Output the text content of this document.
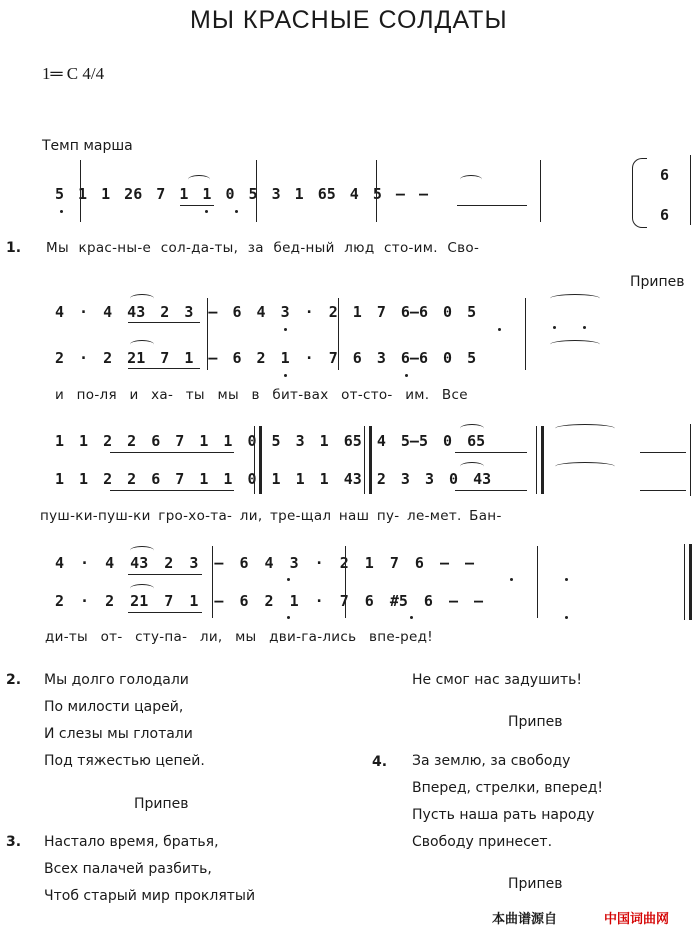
МЫ КРАСНЫЕ СОЛДАТЫ
1═ C 4/4
Темп марша
5 1 1 26 7 1 1 0 5 3 1 65 4 5 — —
6
6
1. Мы крас-ны-е сол-да-ты, за бед-ный люд сто-им. Сво-
Припев
4 · 4 43 2 3 — 6 4 3 · 2 1 7 6—6 0 5
2 · 2 21 7 1 — 6 2 1 · 7 6 3 6—6 0 5
и по-ля и ха- ты мы в бит-вах от-сто- им. Все
1 1 2 2 6 7 1 1 0 5 3 1 65 4 5—5 0 65
1 1 2 2 6 7 1 1 0 1 1 1 43 2 3 3 0 43
пуш-ки-пуш-ки гро-хо-та- ли, тре-щал наш пу- ле-мет. Бан-
4 · 4 43 2 3 — 6 4 3 · 2 1 7 6 — —
2 · 2 21 7 1 — 6 2 1 · 7 6 #5 6 — —
ди-ты от- сту-па- ли, мы дви-га-лись впе-ред!
2. Мы долго голодали
По милости царей,
И слезы мы глотали
Под тяжестью цепей.
Припев
3. Настало время, братья,
Всех палачей разбить,
Чтоб старый мир проклятый
Не смог нас задушить!
Припев
4. За землю, за свободу
Вперед, стрелки, вперед!
Пусть наша рать народу
Свободу принесет.
Припев
本曲谱源自	中国词曲网
